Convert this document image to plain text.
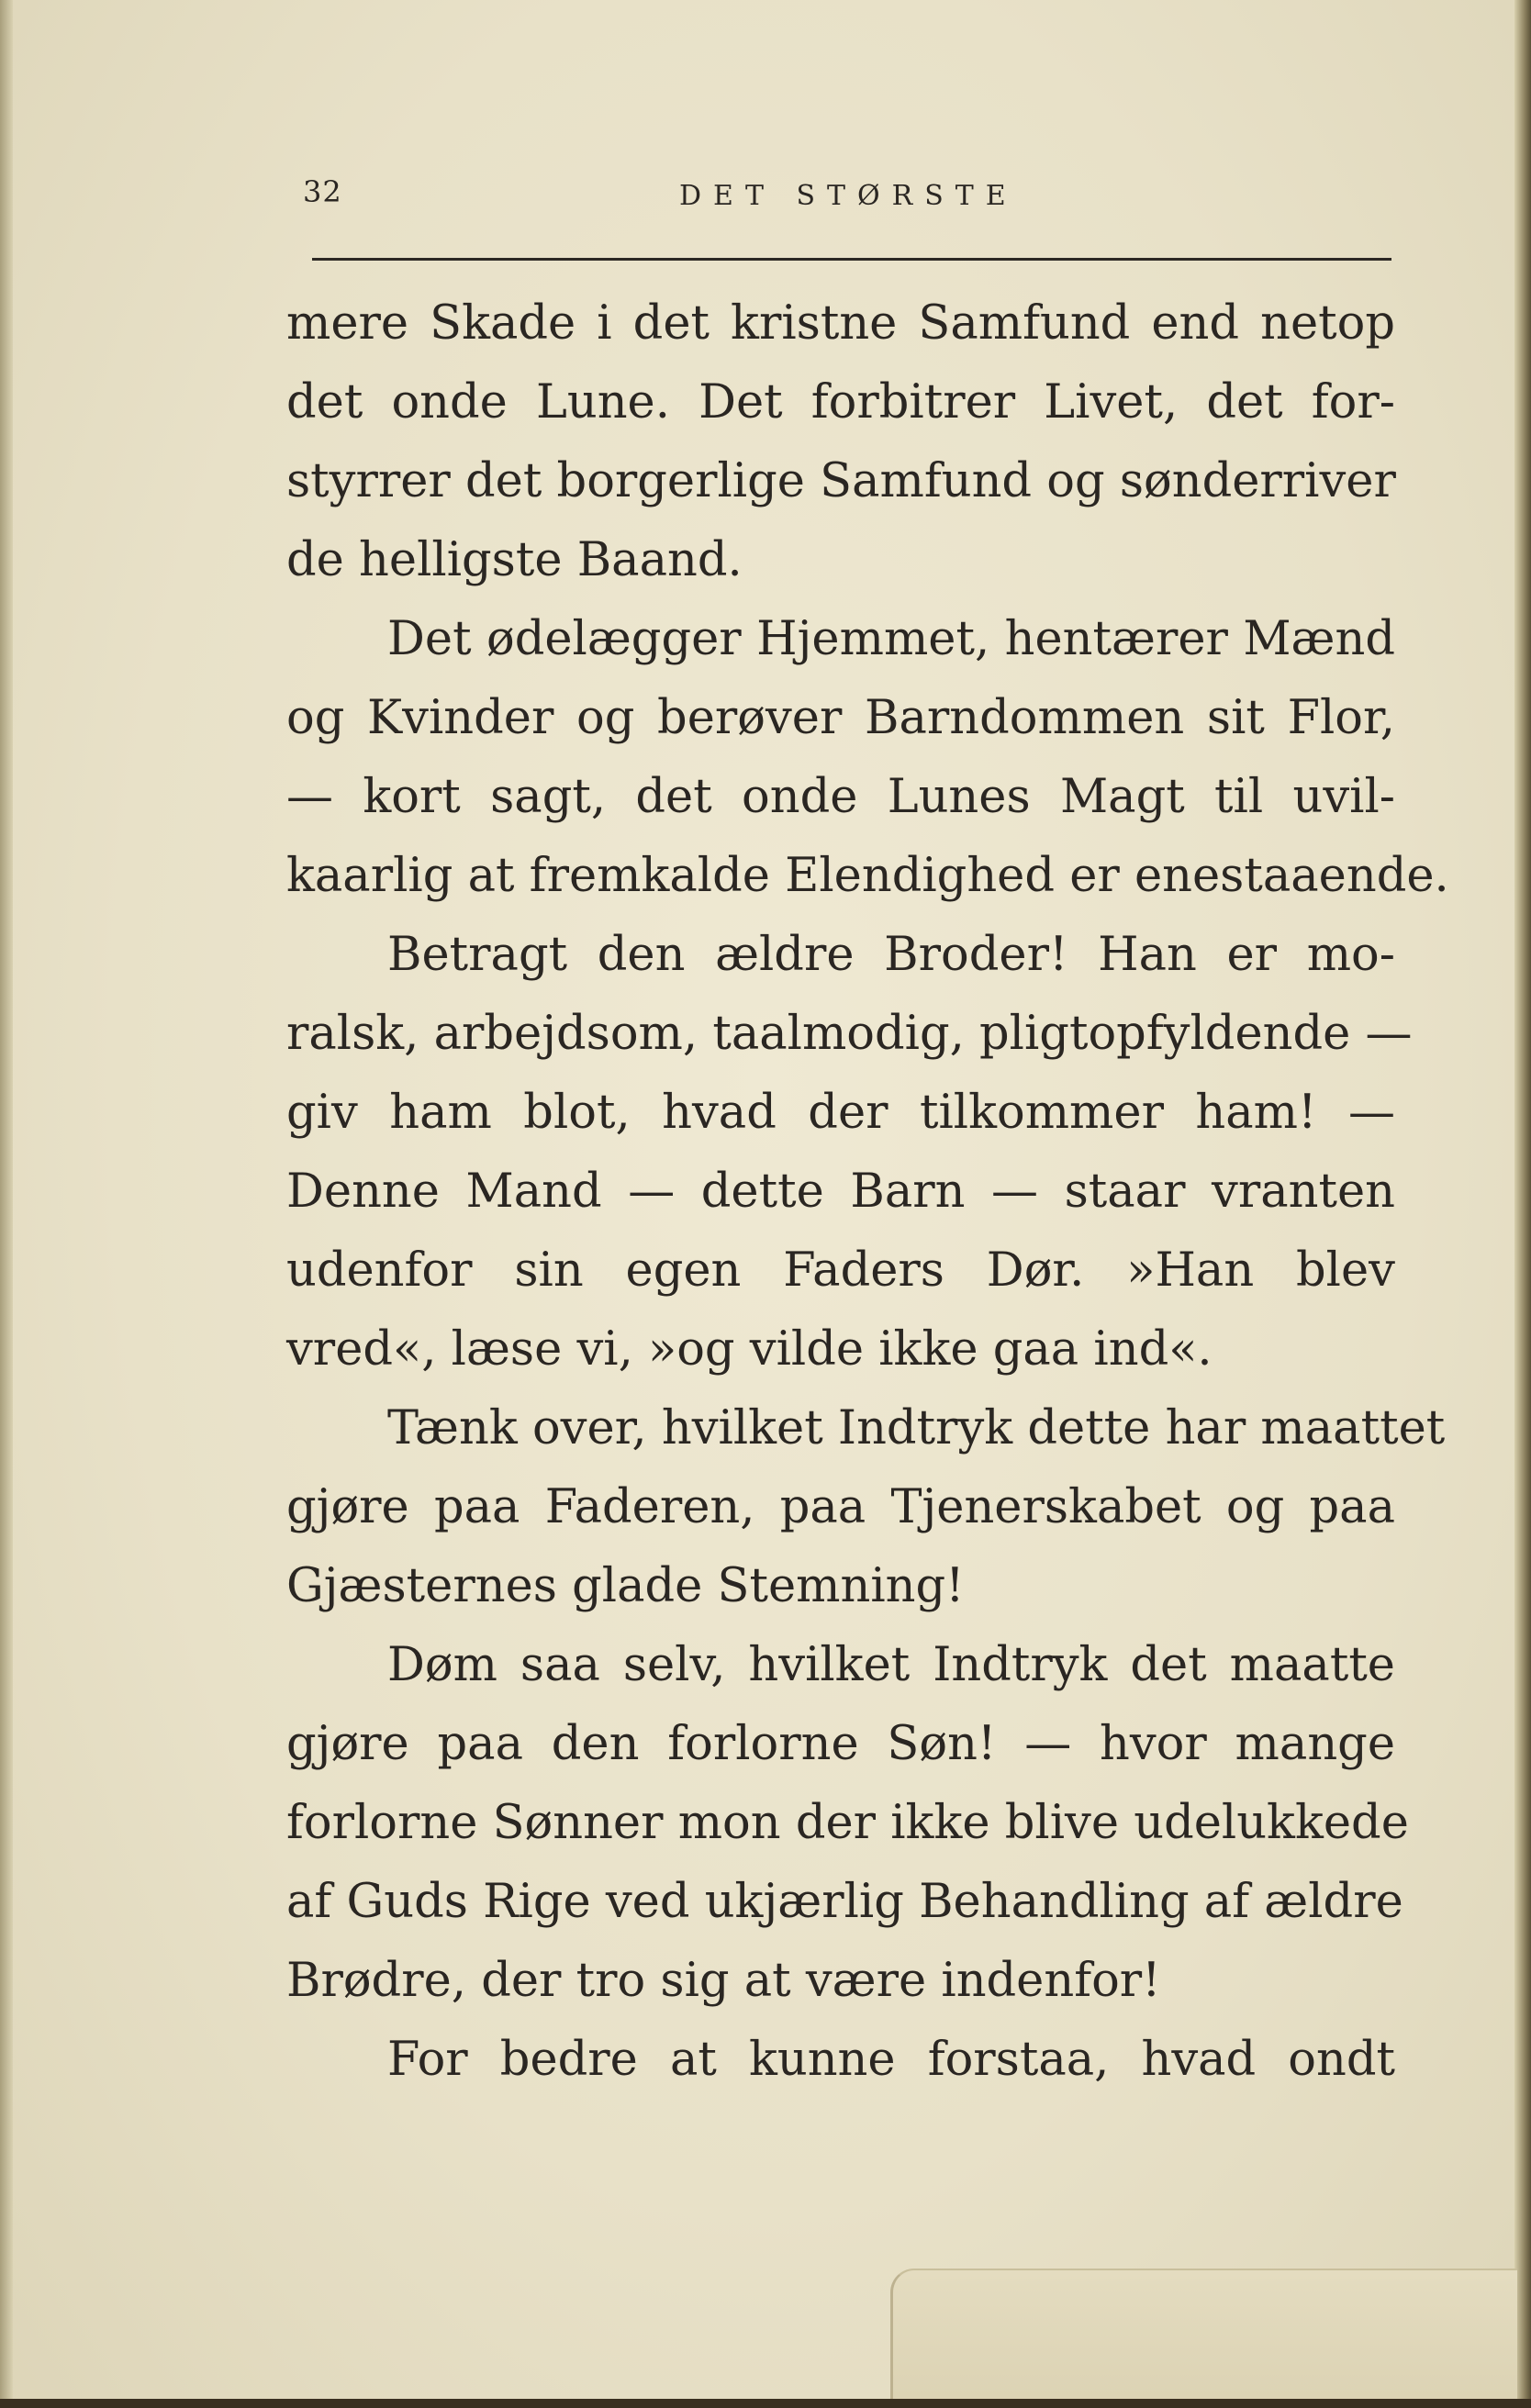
32	DET STØRSTE
mere Skade i det kristne Samfund end netop
det onde Lune. Det forbitrer Livet, det for-
styrrer det borgerlige Samfund og sønderriver
de helligste Baand.
Det ødelægger Hjemmet, hentærer Mænd
og Kvinder og berøver Barndommen sit Flor,
— kort sagt, det onde Lunes Magt til uvil-
kaarlig at fremkalde Elendighed er enestaaende.
Betragt den ældre Broder! Han er mo-
ralsk, arbejdsom, taalmodig, pligtopfyldende —
giv ham blot, hvad der tilkommer ham! —
Denne Mand — dette Barn — staar vranten
udenfor sin egen Faders Dør. »Han blev
vred«, læse vi, »og vilde ikke gaa ind«.
Tænk over, hvilket Indtryk dette har maattet
gjøre paa Faderen, paa Tjenerskabet og paa
Gjæsternes glade Stemning!
Døm saa selv, hvilket Indtryk det maatte
gjøre paa den forlorne Søn! — hvor mange
forlorne Sønner mon der ikke blive udelukkede
af Guds Rige ved ukjærlig Behandling af ældre
Brødre, der tro sig at være indenfor!
For bedre at kunne forstaa, hvad ondt
